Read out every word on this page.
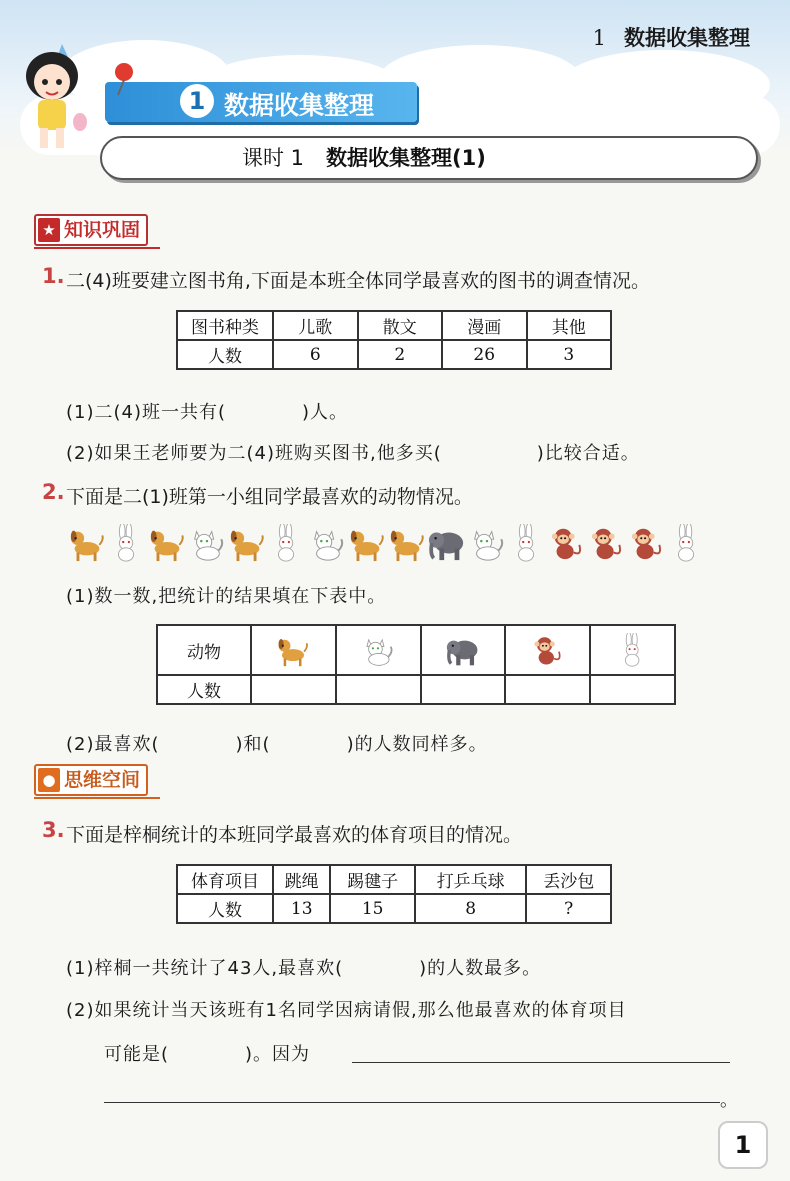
1 数据收集整理
1 数据收集整理
课时 1 数据收集整理(1)
★ 知识巩固
1. 二(4)班要建立图书角,下面是本班全体同学最喜欢的图书的调查情况。
图书种类	儿歌	散文	漫画	其他
人数	6	2	26	3
(1)二(4)班一共有(　　　　)人。
(2)如果王老师要为二(4)班购买图书,他多买(　　　　　)比较合适。
2. 下面是二(1)班第一小组同学最喜欢的动物情况。
(1)数一数,把统计的结果填在下表中。
动物	

人数					
(2)最喜欢(　　　　)和(　　　　)的人数同样多。
● 思维空间
3. 下面是梓桐统计的本班同学最喜欢的体育项目的情况。
体育项目	跳绳	踢毽子	打乒乓球	丢沙包
人数	13	15	8	?
(1)梓桐一共统计了43人,最喜欢(　　　　)的人数最多。
(2)如果统计当天该班有1名同学因病请假,那么他最喜欢的体育项目
可能是(　　　　)。因为
。
1
